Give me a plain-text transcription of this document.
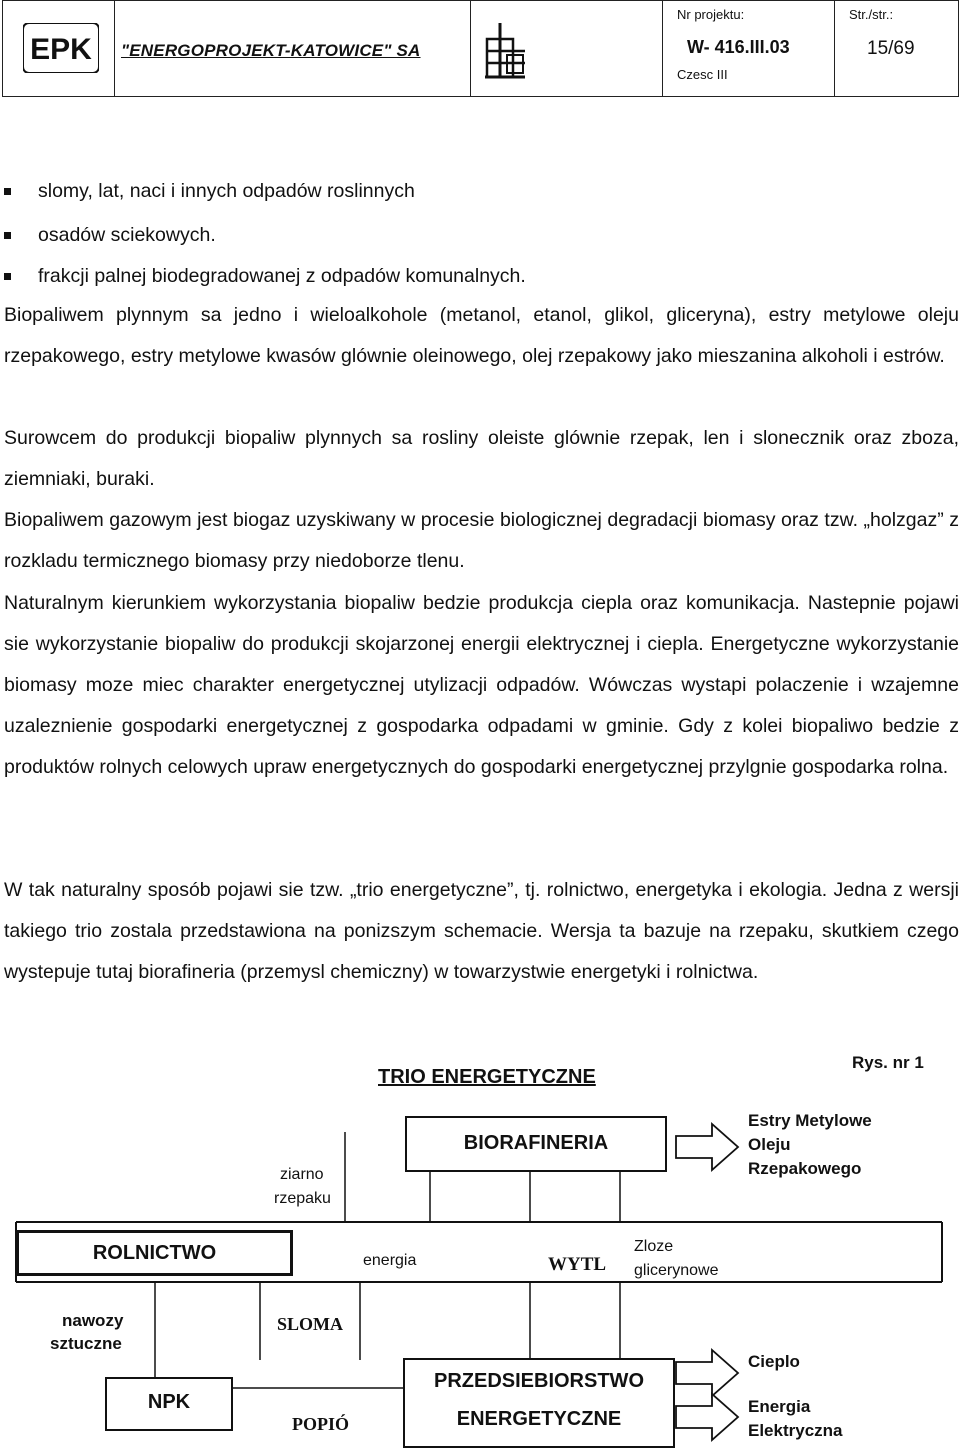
EPK "ENERGOPROJEKT-KATOWICE" SA
Nr projektu:
W- 416.III.03
Czesc III
Str./str.:
15/69
slomy, lat, naci i innych odpadów roslinnych
osadów sciekowych.
frakcji palnej biodegradowanej z odpadów komunalnych.
Biopaliwem plynnym sa jedno i wieloalkohole (metanol, etanol, glikol, gliceryna), estry metylowe oleju rzepakowego, estry metylowe kwasów glównie oleinowego, olej rzepakowy jako mieszanina alkoholi i estrów.
Surowcem do produkcji biopaliw plynnych sa rosliny oleiste glównie rzepak, len i slonecznik oraz zboza, ziemniaki, buraki.
Biopaliwem gazowym jest biogaz uzyskiwany w procesie biologicznej degradacji biomasy oraz tzw. „holzgaz” z rozkladu termicznego biomasy przy niedoborze tlenu.
Naturalnym kierunkiem wykorzystania biopaliw bedzie produkcja ciepla oraz komunikacja. Nastepnie pojawi sie wykorzystanie biopaliw do produkcji skojarzonej energii elektrycznej i ciepla. Energetyczne wykorzystanie biomasy moze miec charakter energetycznej utylizacji odpadów. Wówczas wystapi polaczenie i wzajemne uzaleznienie gospodarki energetycznej z gospodarka odpadami w gminie. Gdy z kolei biopaliwo bedzie z produktów rolnych celowych upraw energetycznych do gospodarki energetycznej przylgnie gospodarka rolna.
W tak naturalny sposób pojawi sie tzw. „trio energetyczne”, tj. rolnictwo, energetyka i ekologia. Jedna z wersji takiego trio zostala przedstawiona na ponizszym schemacie. Wersja ta bazuje na rzepaku, skutkiem czego wystepuje tutaj biorafineria (przemysl chemiczny) w towarzystwie energetyki i rolnictwa.
TRIO ENERGETYCZNE
Rys. nr 1
BIORAFINERIA
ROLNICTWO
PRZEDSIEBIORSTWO
ENERGETYCZNE
NPK
ziarno
rzepaku
energia	WYTL
Zloze
glicerynowe
nawozy
sztuczne
SLOMA
POPIÓ
Estry Metylowe
Oleju
Rzepakowego
Cieplo
Energia
Elektryczna
